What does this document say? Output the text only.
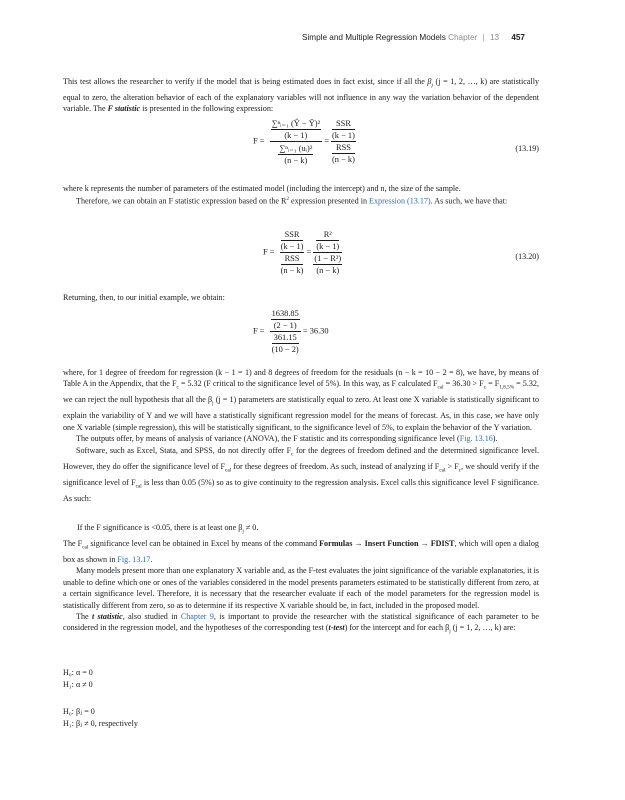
Simple and Multiple Regression Models Chapter | 13 457

This test allows the researcher to verify if the model that is being estimated does in fact exist, since if all the $\beta_j$ (j = 1, 2, …, k) are statistically equal to zero, the alteration behavior of each of the explanatory variables will not influence in any way the variation behavior of the dependent variable. The F statistic is presented in the following expression:

$F = \frac{\frac{\text{∑ⁿᵢ₌₁ (Ŷ − Ȳ)²}}{(k - 1)}}{\frac{\text{∑ⁿᵢ₌₁ (uᵢ)²}}{(n - k)}} = \frac{\frac{\text{SSR}}{(k - 1)}}{\frac{\text{RSS}}{(n - k)}}$	(13.19)

where k represents the number of parameters of the estimated model (including the intercept) and n, the size of the sample.

Therefore, we can obtain an F statistic expression based on the $R^2$ expression presented in Expression (13.17). As such, we have that:

$F = \frac{\frac{\text{SSR}}{(k - 1)}}{\frac{\text{RSS}}{(n - k)}} = \frac{\frac{\text{R²}}{(k - 1)}}{\frac{\text{(1 − R²)}}{(n - k)}}$	(13.20)

Returning, then, to our initial example, we obtain:

$F = \frac{\frac{1638.85}{(2 - 1)}}{\frac{361.15}{(10 - 2)}} = 36.30$

where, for 1 degree of freedom for regression (k − 1 = 1) and 8 degrees of freedom for the residuals (n − k = 10 − 2 = 8), we have, by means of Table A in the Appendix, that the $F_c = 5.32$ (F critical to the significance level of 5%). In this way, as F calculated $F_{cal} = 36.30 > F_c = F_{1,8,5\%} = 5.32$, we can reject the null hypothesis that all the $\beta_j$ (j = 1) parameters are statistically equal to zero. At least one X variable is statistically significant to explain the variability of Y and we will have a statistically significant regression model for the means of forecast. As, in this case, we have only one X variable (simple regression), this will be statistically significant, to the significance level of 5%, to explain the behavior of the Y variation.

The outputs offer, by means of analysis of variance (ANOVA), the F statistic and its corresponding significance level (Fig. 13.16).

Software, such as Excel, Stata, and SPSS, do not directly offer $F_c$ for the degrees of freedom defined and the determined significance level. However, they do offer the significance level of $F_{cal}$ for these degrees of freedom. As such, instead of analyzing if $F_{cal} > F_c$, we should verify if the significance level of $F_{cal}$ is less than 0.05 (5%) so as to give continuity to the regression analysis. Excel calls this significance level F significance. As such:

If the F significance is <0.05, there is at least one $\beta_j \ne 0$.

The $F_{cal}$ significance level can be obtained in Excel by means of the command Formulas → Insert Function → FDIST, which will open a dialog box as shown in Fig. 13.17.

Many models present more than one explanatory X variable and, as the F-test evaluates the joint significance of the variable explanatories, it is unable to define which one or ones of the variables considered in the model presents parameters estimated to be statistically different from zero, at a certain significance level. Therefore, it is necessary that the researcher evaluate if each of the model parameters for the regression model is statistically different from zero, so as to determine if its respective X variable should be, in fact, included in the proposed model.

The t statistic, also studied in Chapter 9, is important to provide the researcher with the statistical significance of each parameter to be considered in the regression model, and the hypotheses of the corresponding test (t-test) for the intercept and for each $\beta_j$ (j = 1, 2, …, k) are:

H₀: α = 0
H₁: α ≠ 0
H₀: βⱼ = 0
H₁: βⱼ ≠ 0, respectively
